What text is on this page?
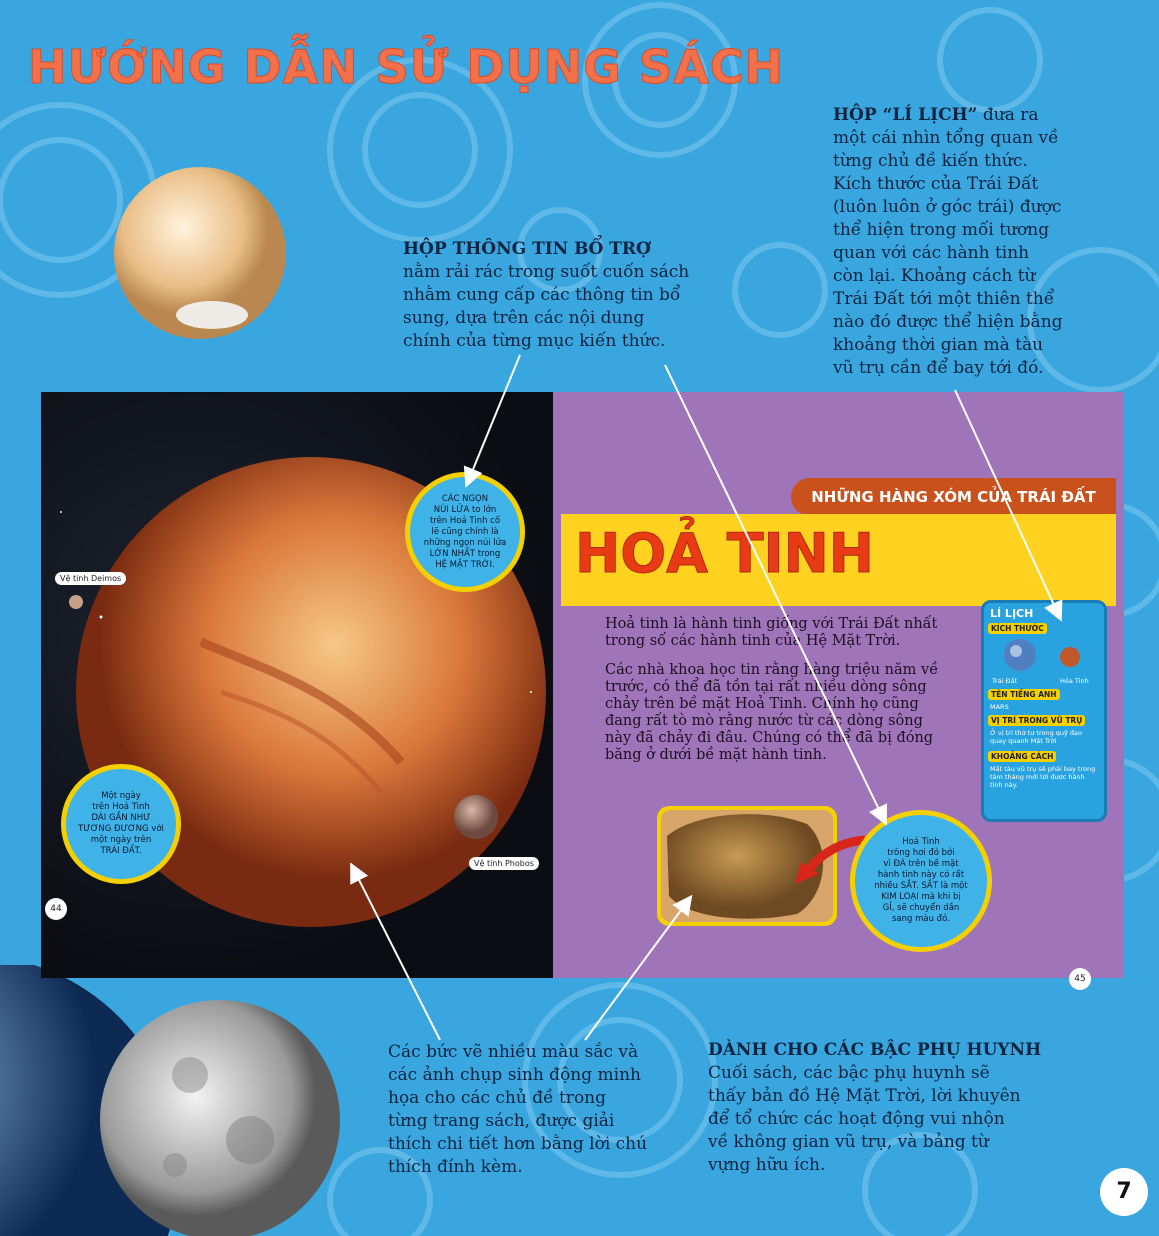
HƯỚNG DẪN SỬ DỤNG SÁCH
HỘP “LÍ LỊCH” đưa ra
một cái nhìn tổng quan về
từng chủ đề kiến thức.
Kích thước của Trái Đất
(luôn luôn ở góc trái) được
thể hiện trong mối tương
quan với các hành tinh
còn lại. Khoảng cách từ
Trái Đất tới một thiên thể
nào đó được thể hiện bằng
khoảng thời gian mà tàu
vũ trụ cần để bay tới đó.
HỘP THÔNG TIN BỔ TRỢ
nằm rải rác trong suốt cuốn sách
nhằm cung cấp các thông tin bổ
sung, dựa trên các nội dung
chính của từng mục kiến thức.
Các bức vẽ nhiều màu sắc và
các ảnh chụp sinh động minh
họa cho các chủ đề trong
từng trang sách, được giải
thích chi tiết hơn bằng lời chú
thích đính kèm.
DÀNH CHO CÁC BẬC PHỤ HUYNH
Cuối sách, các bậc phụ huynh sẽ
thấy bản đồ Hệ Mặt Trời, lời khuyên
để tổ chức các hoạt động vui nhộn
về không gian vũ trụ, và bảng từ
vựng hữu ích.
CÁC NGỌN
NÚI LỬA to lớn
trên Hoả Tinh cố
lẽ cũng chính là
những ngọn núi lửa
LỚN NHẤT trong
HỆ MẶT TRỜI.
Một ngày
trên Hoả Tinh
DÀI GẦN NHƯ
TƯƠNG ĐƯƠNG với
một ngày trên
TRÁI ĐẤT.
Vệ tinh Deimos
Vệ tinh Phobos
44
NHỮNG HÀNG XÓM CỦA TRÁI ĐẤT
HOẢ TINH

Hoả tinh là hành tinh giống với Trái Đất nhất trong số các hành tinh của Hệ Mặt Trời.

Các nhà khoa học tin rằng hàng triệu năm về trước, có thể đã tồn tại rất nhiều dòng sông chảy trên bề mặt Hoả Tinh. Chính họ cũng đang rất tò mò rằng nước từ các dòng sông này đã chảy đi đâu. Chúng có thể đã bị đóng băng ở dưới bề mặt hành tinh.

LÍ LỊCH
KÍCH THƯỚC
Trái Đất	Hỏa Tinh
TÊN TIẾNG ANH
MARS
VỊ TRÍ TRONG VŨ TRỤ
Ở vị trí thứ tư trong quỹ đạo quay quanh Mặt Trời
KHOẢNG CÁCH
Mất tàu vũ trụ sẽ phải bay trong tám tháng mới tới được hành tinh này.
Hoả Tinh
trông hơi đỏ bởi
vì ĐÁ trên bề mặt
hành tinh này có rất
nhiều SẮT. SẮT là một
KIM LOẠI mà khi bị
GỈ, sẽ chuyển dần
sang màu đỏ.
45
7
